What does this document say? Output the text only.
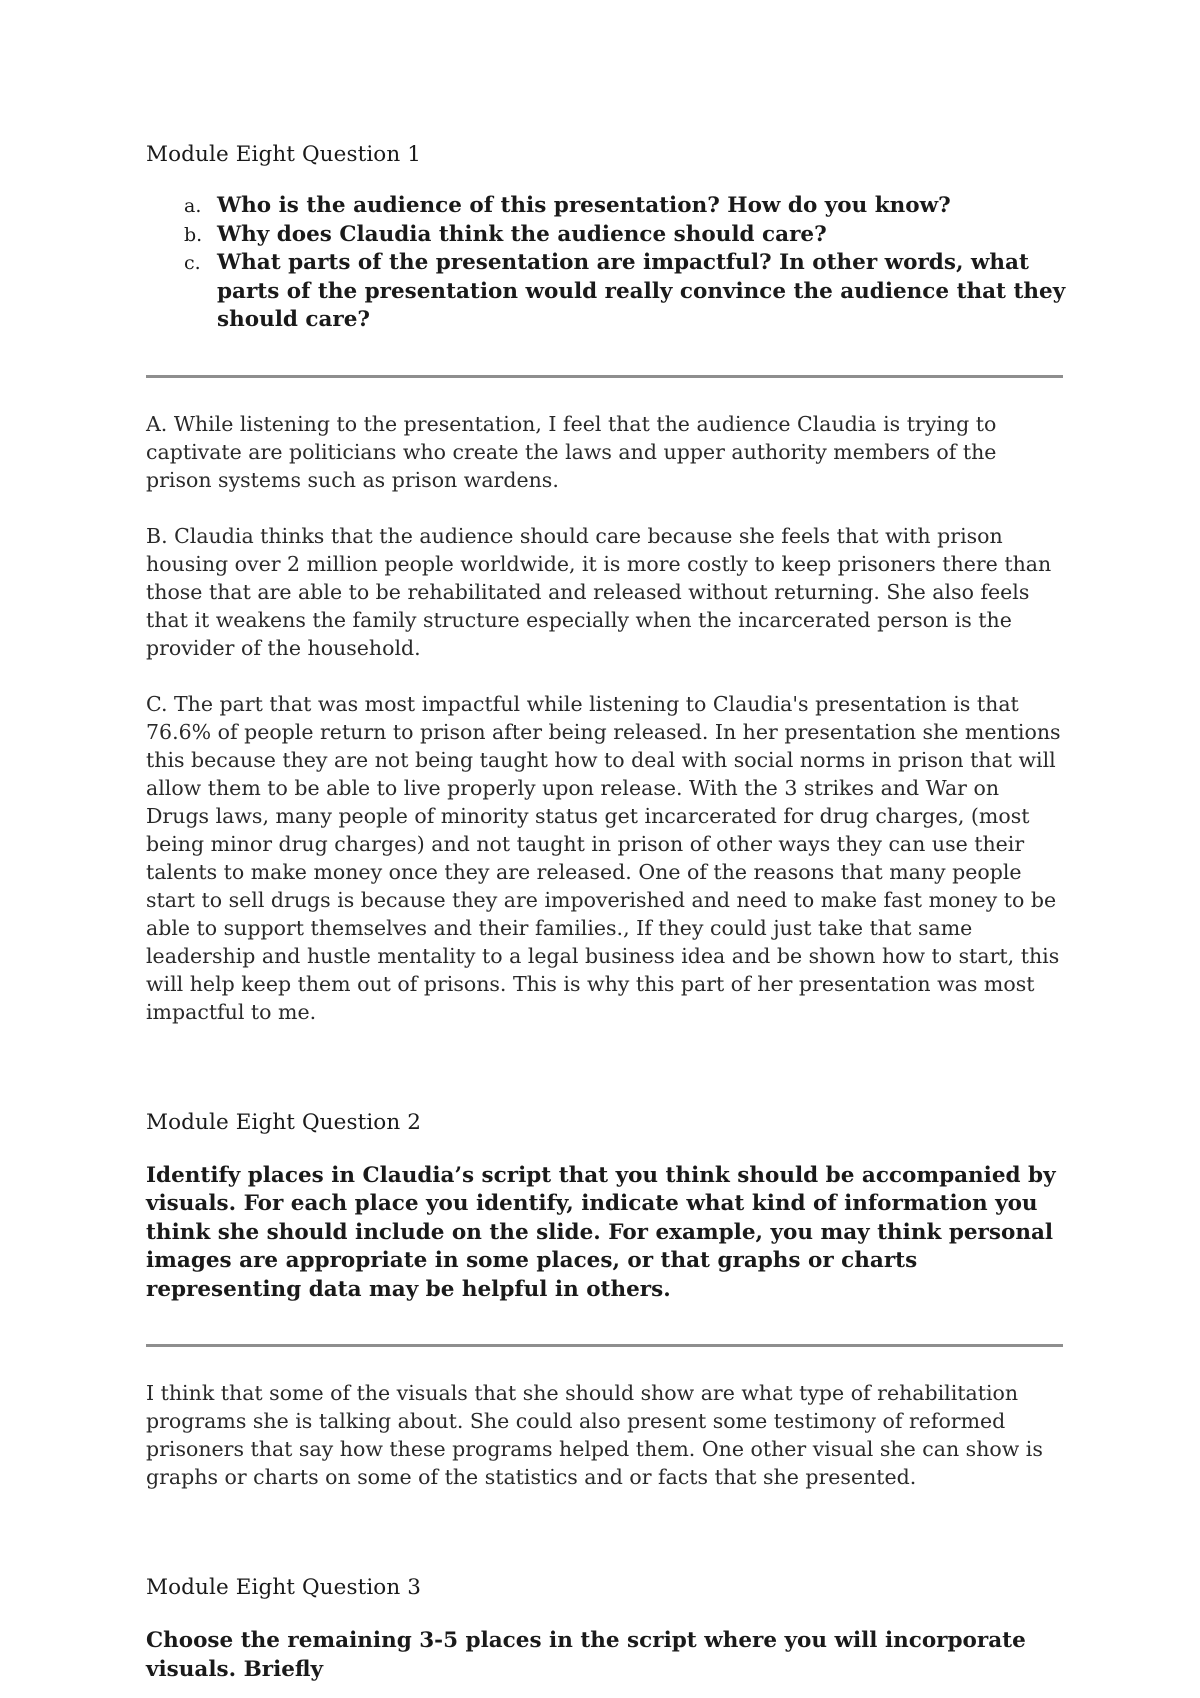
Module Eight Question 1

a. Who is the audience of this presentation? How do you know?
b. Why does Claudia think the audience should care?
c. What parts of the presentation are impactful? In other words, what parts of the presentation would really convince the audience that they should care?

A. While listening to the presentation, I feel that the audience Claudia is trying to captivate are politicians who create the laws and upper authority members of the prison systems such as prison wardens.

B. Claudia thinks that the audience should care because she feels that with prison housing over 2 million people worldwide, it is more costly to keep prisoners there than those that are able to be rehabilitated and released without returning. She also feels that it weakens the family structure especially when the incarcerated person is the provider of the household.

C. The part that was most impactful while listening to Claudia's presentation is that 76.6% of people return to prison after being released. In her presentation she mentions this because they are not being taught how to deal with social norms in prison that will allow them to be able to live properly upon release. With the 3 strikes and War on Drugs laws, many people of minority status get incarcerated for drug charges, (most being minor drug charges) and not taught in prison of other ways they can use their talents to make money once they are released. One of the reasons that many people start to sell drugs is because they are impoverished and need to make fast money to be able to support themselves and their families., If they could just take that same leadership and hustle mentality to a legal business idea and be shown how to start, this will help keep them out of prisons. This is why this part of her presentation was most impactful to me.

Module Eight Question 2

Identify places in Claudia’s script that you think should be accompanied by visuals. For each place you identify, indicate what kind of information you think she should include on the slide. For example, you may think personal images are appropriate in some places, or that graphs or charts representing data may be helpful in others.

I think that some of the visuals that she should show are what type of rehabilitation programs she is talking about. She could also present some testimony of reformed prisoners that say how these programs helped them. One other visual she can show is graphs or charts on some of the statistics and or facts that she presented.

Module Eight Question 3

Choose the remaining 3-5 places in the script where you will incorporate visuals. Briefly
